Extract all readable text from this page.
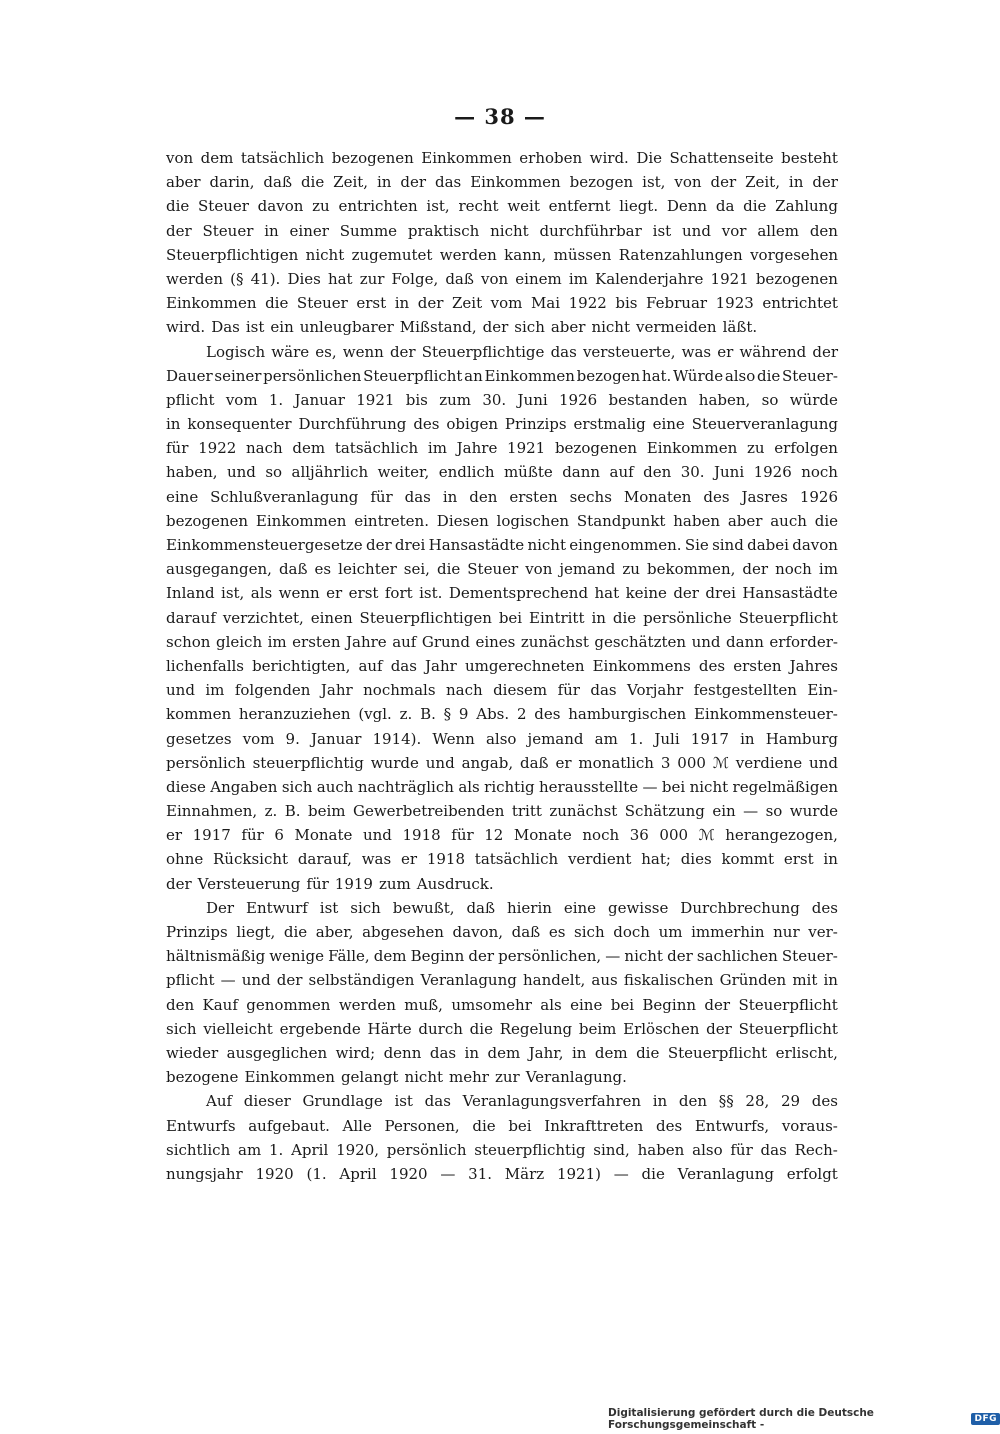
— 38 —
von dem tatsächlich bezogenen Einkommen erhoben wird. Die Schattenseite besteht
aber darin, daß die Zeit, in der das Einkommen bezogen ist, von der Zeit, in der
die Steuer davon zu entrichten ist, recht weit entfernt liegt. Denn da die Zahlung
der Steuer in einer Summe praktisch nicht durchführbar ist und vor allem den
Steuerpflichtigen nicht zugemutet werden kann, müssen Ratenzahlungen vorgesehen
werden (§ 41). Dies hat zur Folge, daß von einem im Kalenderjahre 1921 bezogenen
Einkommen die Steuer erst in der Zeit vom Mai 1922 bis Februar 1923 entrichtet
wird. Das ist ein unleugbarer Mißstand, der sich aber nicht vermeiden läßt.
Logisch wäre es, wenn der Steuerpflichtige das versteuerte, was er während der
Dauer seiner persönlichen Steuerpflicht an Einkommen bezogen hat. Würde also die Steuer-
pflicht vom 1. Januar 1921 bis zum 30. Juni 1926 bestanden haben, so würde
in konsequenter Durchführung des obigen Prinzips erstmalig eine Steuerveranlagung
für 1922 nach dem tatsächlich im Jahre 1921 bezogenen Einkommen zu erfolgen
haben, und so alljährlich weiter, endlich müßte dann auf den 30. Juni 1926 noch
eine Schlußveranlagung für das in den ersten sechs Monaten des Jasres 1926
bezogenen Einkommen eintreten. Diesen logischen Standpunkt haben aber auch die
Einkommensteuergesetze der drei Hansastädte nicht eingenommen. Sie sind dabei davon
ausgegangen, daß es leichter sei, die Steuer von jemand zu bekommen, der noch im
Inland ist, als wenn er erst fort ist. Dementsprechend hat keine der drei Hansastädte
darauf verzichtet, einen Steuerpflichtigen bei Eintritt in die persönliche Steuerpflicht
schon gleich im ersten Jahre auf Grund eines zunächst geschätzten und dann erforder-
lichenfalls berichtigten, auf das Jahr umgerechneten Einkommens des ersten Jahres
und im folgenden Jahr nochmals nach diesem für das Vorjahr festgestellten Ein-
kommen heranzuziehen (vgl. z. B. § 9 Abs. 2 des hamburgischen Einkommensteuer-
gesetzes vom 9. Januar 1914). Wenn also jemand am 1. Juli 1917 in Hamburg
persönlich steuerpflichtig wurde und angab, daß er monatlich 3 000 ℳ verdiene und
diese Angaben sich auch nachträglich als richtig herausstellte — bei nicht regelmäßigen
Einnahmen, z. B. beim Gewerbetreibenden tritt zunächst Schätzung ein — so wurde
er 1917 für 6 Monate und 1918 für 12 Monate noch 36 000 ℳ herangezogen,
ohne Rücksicht darauf, was er 1918 tatsächlich verdient hat; dies kommt erst in
der Versteuerung für 1919 zum Ausdruck.
Der Entwurf ist sich bewußt, daß hierin eine gewisse Durchbrechung des
Prinzips liegt, die aber, abgesehen davon, daß es sich doch um immerhin nur ver-
hältnismäßig wenige Fälle, dem Beginn der persönlichen, — nicht der sachlichen Steuer-
pflicht — und der selbständigen Veranlagung handelt, aus fiskalischen Gründen mit in
den Kauf genommen werden muß, umsomehr als eine bei Beginn der Steuerpflicht
sich vielleicht ergebende Härte durch die Regelung beim Erlöschen der Steuerpflicht
wieder ausgeglichen wird; denn das in dem Jahr, in dem die Steuerpflicht erlischt,
bezogene Einkommen gelangt nicht mehr zur Veranlagung.
Auf dieser Grundlage ist das Veranlagungsverfahren in den §§ 28, 29 des
Entwurfs aufgebaut. Alle Personen, die bei Inkrafttreten des Entwurfs, voraus-
sichtlich am 1. April 1920, persönlich steuerpflichtig sind, haben also für das Rech-
nungsjahr 1920 (1. April 1920 — 31. März 1921) — die Veranlagung erfolgt
Digitalisierung gefördert durch die Deutsche Forschungsgemeinschaft -	DFG
